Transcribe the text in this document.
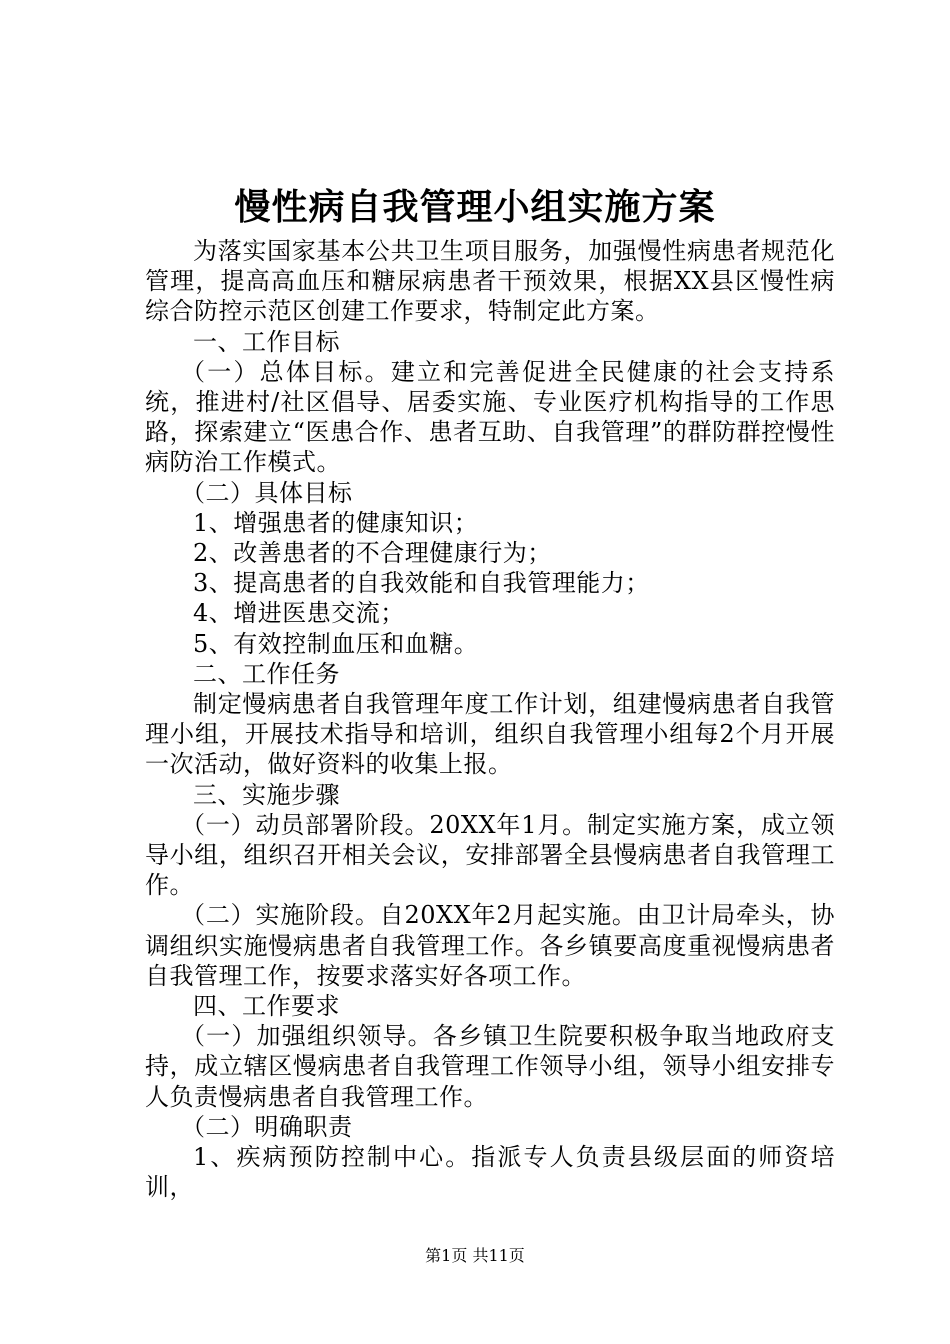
慢性病自我管理小组实施方案

为落实国家基本公共卫生项目服务，加强慢性病患者规范化管理，提高高血压和糖尿病患者干预效果，根据XX县区慢性病综合防控示范区创建工作要求，特制定此方案。

一、工作目标

（一）总体目标。建立和完善促进全民健康的社会支持系统，推进村/社区倡导、居委实施、专业医疗机构指导的工作思路，探索建立“医患合作、患者互助、自我管理”的群防群控慢性病防治工作模式。

（二）具体目标

1、增强患者的健康知识；

2、改善患者的不合理健康行为；

3、提高患者的自我效能和自我管理能力；

4、增进医患交流；

5、有效控制血压和血糖。

二、工作任务

制定慢病患者自我管理年度工作计划，组建慢病患者自我管理小组，开展技术指导和培训，组织自我管理小组每2个月开展一次活动，做好资料的收集上报。

三、实施步骤

（一）动员部署阶段。20XX年1月。制定实施方案，成立领导小组，组织召开相关会议，安排部署全县慢病患者自我管理工作。

（二）实施阶段。自20XX年2月起实施。由卫计局牵头，协调组织实施慢病患者自我管理工作。各乡镇要高度重视慢病患者自我管理工作，按要求落实好各项工作。

四、工作要求

（一）加强组织领导。各乡镇卫生院要积极争取当地政府支持，成立辖区慢病患者自我管理工作领导小组，领导小组安排专人负责慢病患者自我管理工作。

（二）明确职责

1、疾病预防控制中心。指派专人负责县级层面的师资培训，

第1页 共11页
